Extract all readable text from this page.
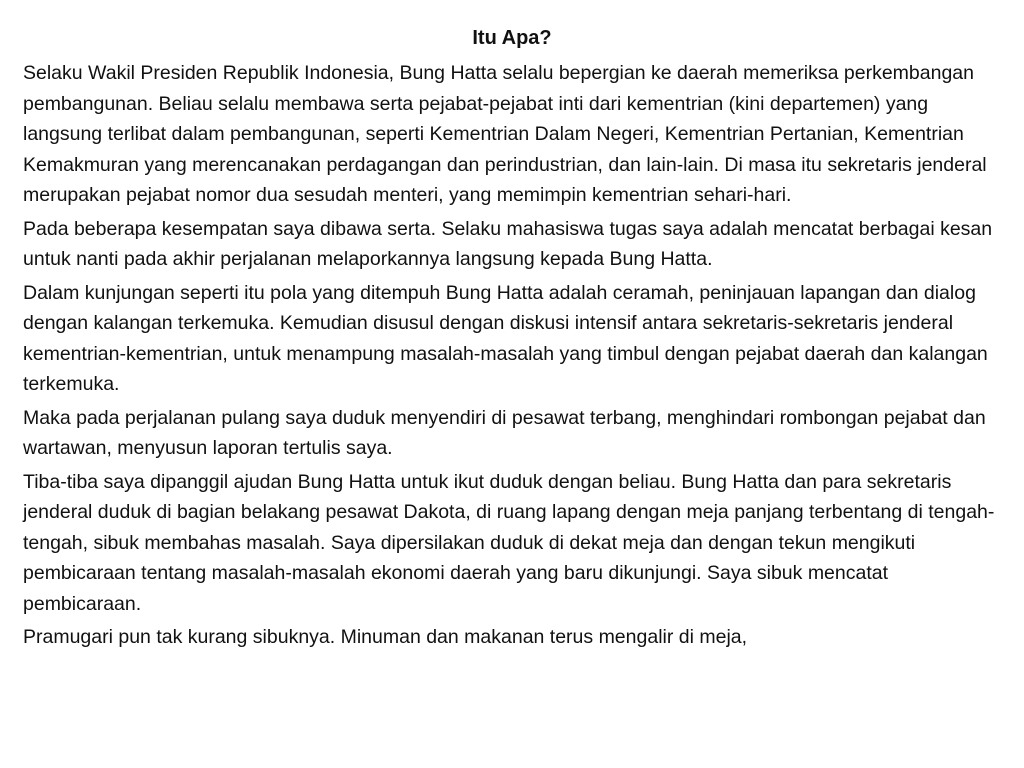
Itu Apa?

Selaku Wakil Presiden Republik Indonesia, Bung Hatta selalu bepergian ke daerah memeriksa perkembangan pembangunan. Beliau selalu membawa serta pejabat-pejabat inti dari kementrian (kini departemen) yang langsung terlibat dalam pembangunan, seperti Kementrian Dalam Negeri, Kementrian Pertanian, Kementrian Kemakmuran yang merencanakan perdagangan dan perindustrian, dan lain-lain. Di masa itu sekretaris jenderal merupakan pejabat nomor dua sesudah menteri, yang memimpin kementrian sehari-hari.

Pada beberapa kesempatan saya dibawa serta. Selaku mahasiswa tugas saya adalah mencatat berbagai kesan untuk nanti pada akhir perjalanan melaporkannya langsung kepada Bung Hatta.

Dalam kunjungan seperti itu pola yang ditempuh Bung Hatta adalah ceramah, peninjauan lapangan dan dialog dengan kalangan terkemuka. Kemudian disusul dengan diskusi intensif antara sekretaris-sekretaris jenderal kementrian-kementrian, untuk menampung masalah-masalah yang timbul dengan pejabat daerah dan kalangan terkemuka.

Maka pada perjalanan pulang saya duduk menyendiri di pesawat terbang, menghindari rombongan pejabat dan wartawan, menyusun laporan tertulis saya.

Tiba-tiba saya dipanggil ajudan Bung Hatta untuk ikut duduk dengan beliau. Bung Hatta dan para sekretaris jenderal duduk di bagian belakang pesawat Dakota, di ruang lapang dengan meja panjang terbentang di tengah-tengah, sibuk membahas masalah. Saya dipersilakan duduk di dekat meja dan dengan tekun mengikuti pembicaraan tentang masalah-masalah ekonomi daerah yang baru dikunjungi. Saya sibuk mencatat pembicaraan.

Pramugari pun tak kurang sibuknya. Minuman dan makanan terus mengalir di meja,
